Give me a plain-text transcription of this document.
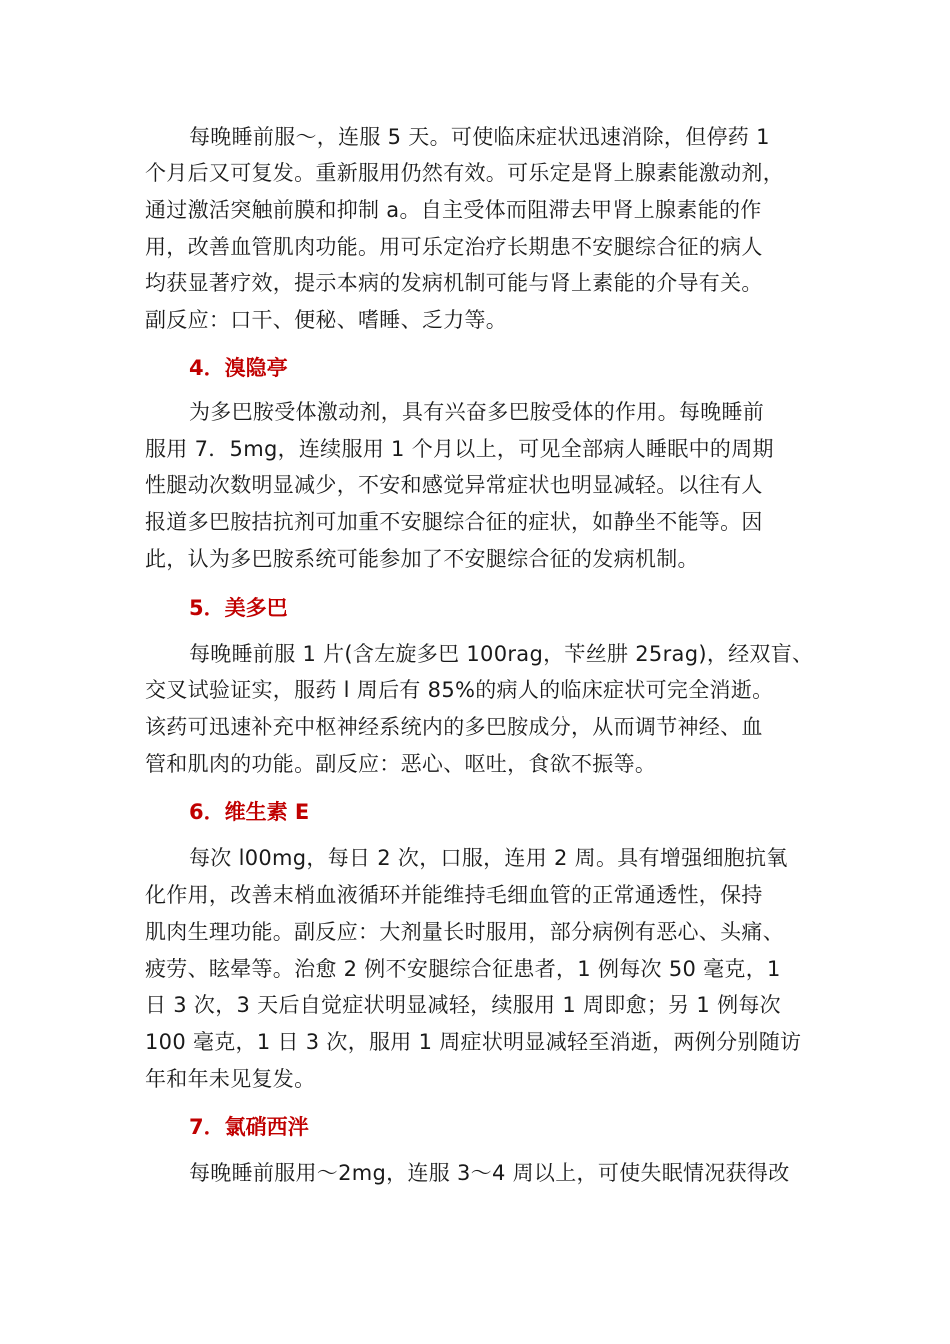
每晚睡前服～，连服 5 天。可使临床症状迅速消除，但停药 1
个月后又可复发。重新服用仍然有效。可乐定是肾上腺素能激动剂，
通过激活突触前膜和抑制 a。自主受体而阻滞去甲肾上腺素能的作
用，改善血管肌肉功能。用可乐定治疗长期患不安腿综合征的病人
均获显著疗效，提示本病的发病机制可能与肾上素能的介导有关。
副反应：口干、便秘、嗜睡、乏力等。
4．溴隐亭
为多巴胺受体激动剂，具有兴奋多巴胺受体的作用。每晚睡前
服用 7．5mg，连续服用 1 个月以上，可见全部病人睡眠中的周期
性腿动次数明显减少，不安和感觉异常症状也明显减轻。以往有人
报道多巴胺拮抗剂可加重不安腿综合征的症状，如静坐不能等。因
此，认为多巴胺系统可能参加了不安腿综合征的发病机制。
5．美多巴
每晚睡前服 1 片(含左旋多巴 100rag，苄丝肼 25rag)，经双盲、
交叉试验证实，服药 l 周后有 85%的病人的临床症状可完全消逝。
该药可迅速补充中枢神经系统内的多巴胺成分，从而调节神经、血
管和肌肉的功能。副反应：恶心、呕吐，食欲不振等。
6．维生素 E
每次 l00mg，每日 2 次，口服，连用 2 周。具有增强细胞抗氧
化作用，改善末梢血液循环并能维持毛细血管的正常通透性，保持
肌肉生理功能。副反应：大剂量长时服用，部分病例有恶心、头痛、
疲劳、眩晕等。治愈 2 例不安腿综合征患者，1 例每次 50 毫克，1
日 3 次，3 天后自觉症状明显减轻，续服用 1 周即愈；另 1 例每次
100 毫克，1 日 3 次，服用 1 周症状明显减轻至消逝，两例分别随访
年和年未见复发。
7．氯硝西泮
每晚睡前服用～2mg，连服 3～4 周以上，可使失眠情况获得改
